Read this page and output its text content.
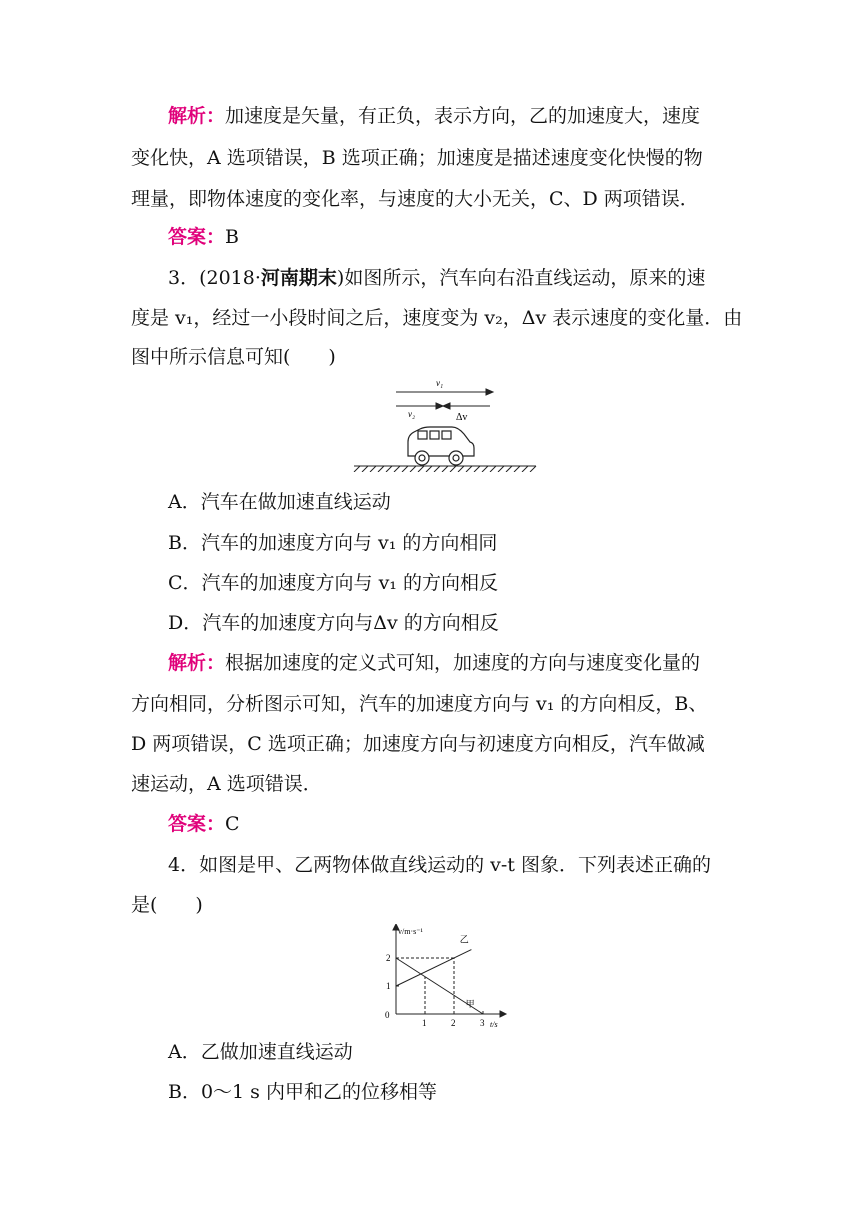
解析：加速度是矢量，有正负，表示方向，乙的加速度大，速度
变化快，A 选项错误，B 选项正确；加速度是描述速度变化快慢的物
理量，即物体速度的变化率，与速度的大小无关，C、D 两项错误．
答案：B
3．(2018·河南期末)如图所示，汽车向右沿直线运动，原来的速
度是 v₁，经过一小段时间之后，速度变为 v₂，Δv 表示速度的变化量．由
图中所示信息可知(　　)
v₁
v₂	Δv
A．汽车在做加速直线运动
B．汽车的加速度方向与 v₁ 的方向相同
C．汽车的加速度方向与 v₁ 的方向相反
D．汽车的加速度方向与Δv 的方向相反
解析：根据加速度的定义式可知，加速度的方向与速度变化量的
方向相同，分析图示可知，汽车的加速度方向与 v₁ 的方向相反，B、
D 两项错误，C 选项正确；加速度方向与初速度方向相反，汽车做减
速运动，A 选项错误．
答案：C
4．如图是甲、乙两物体做直线运动的 v-t 图象．下列表述正确的
是(　　)
1	2	3
1
2
甲
乙
v/m·s⁻¹
t/s
0
A．乙做加速直线运动
B．0～1 s 内甲和乙的位移相等
